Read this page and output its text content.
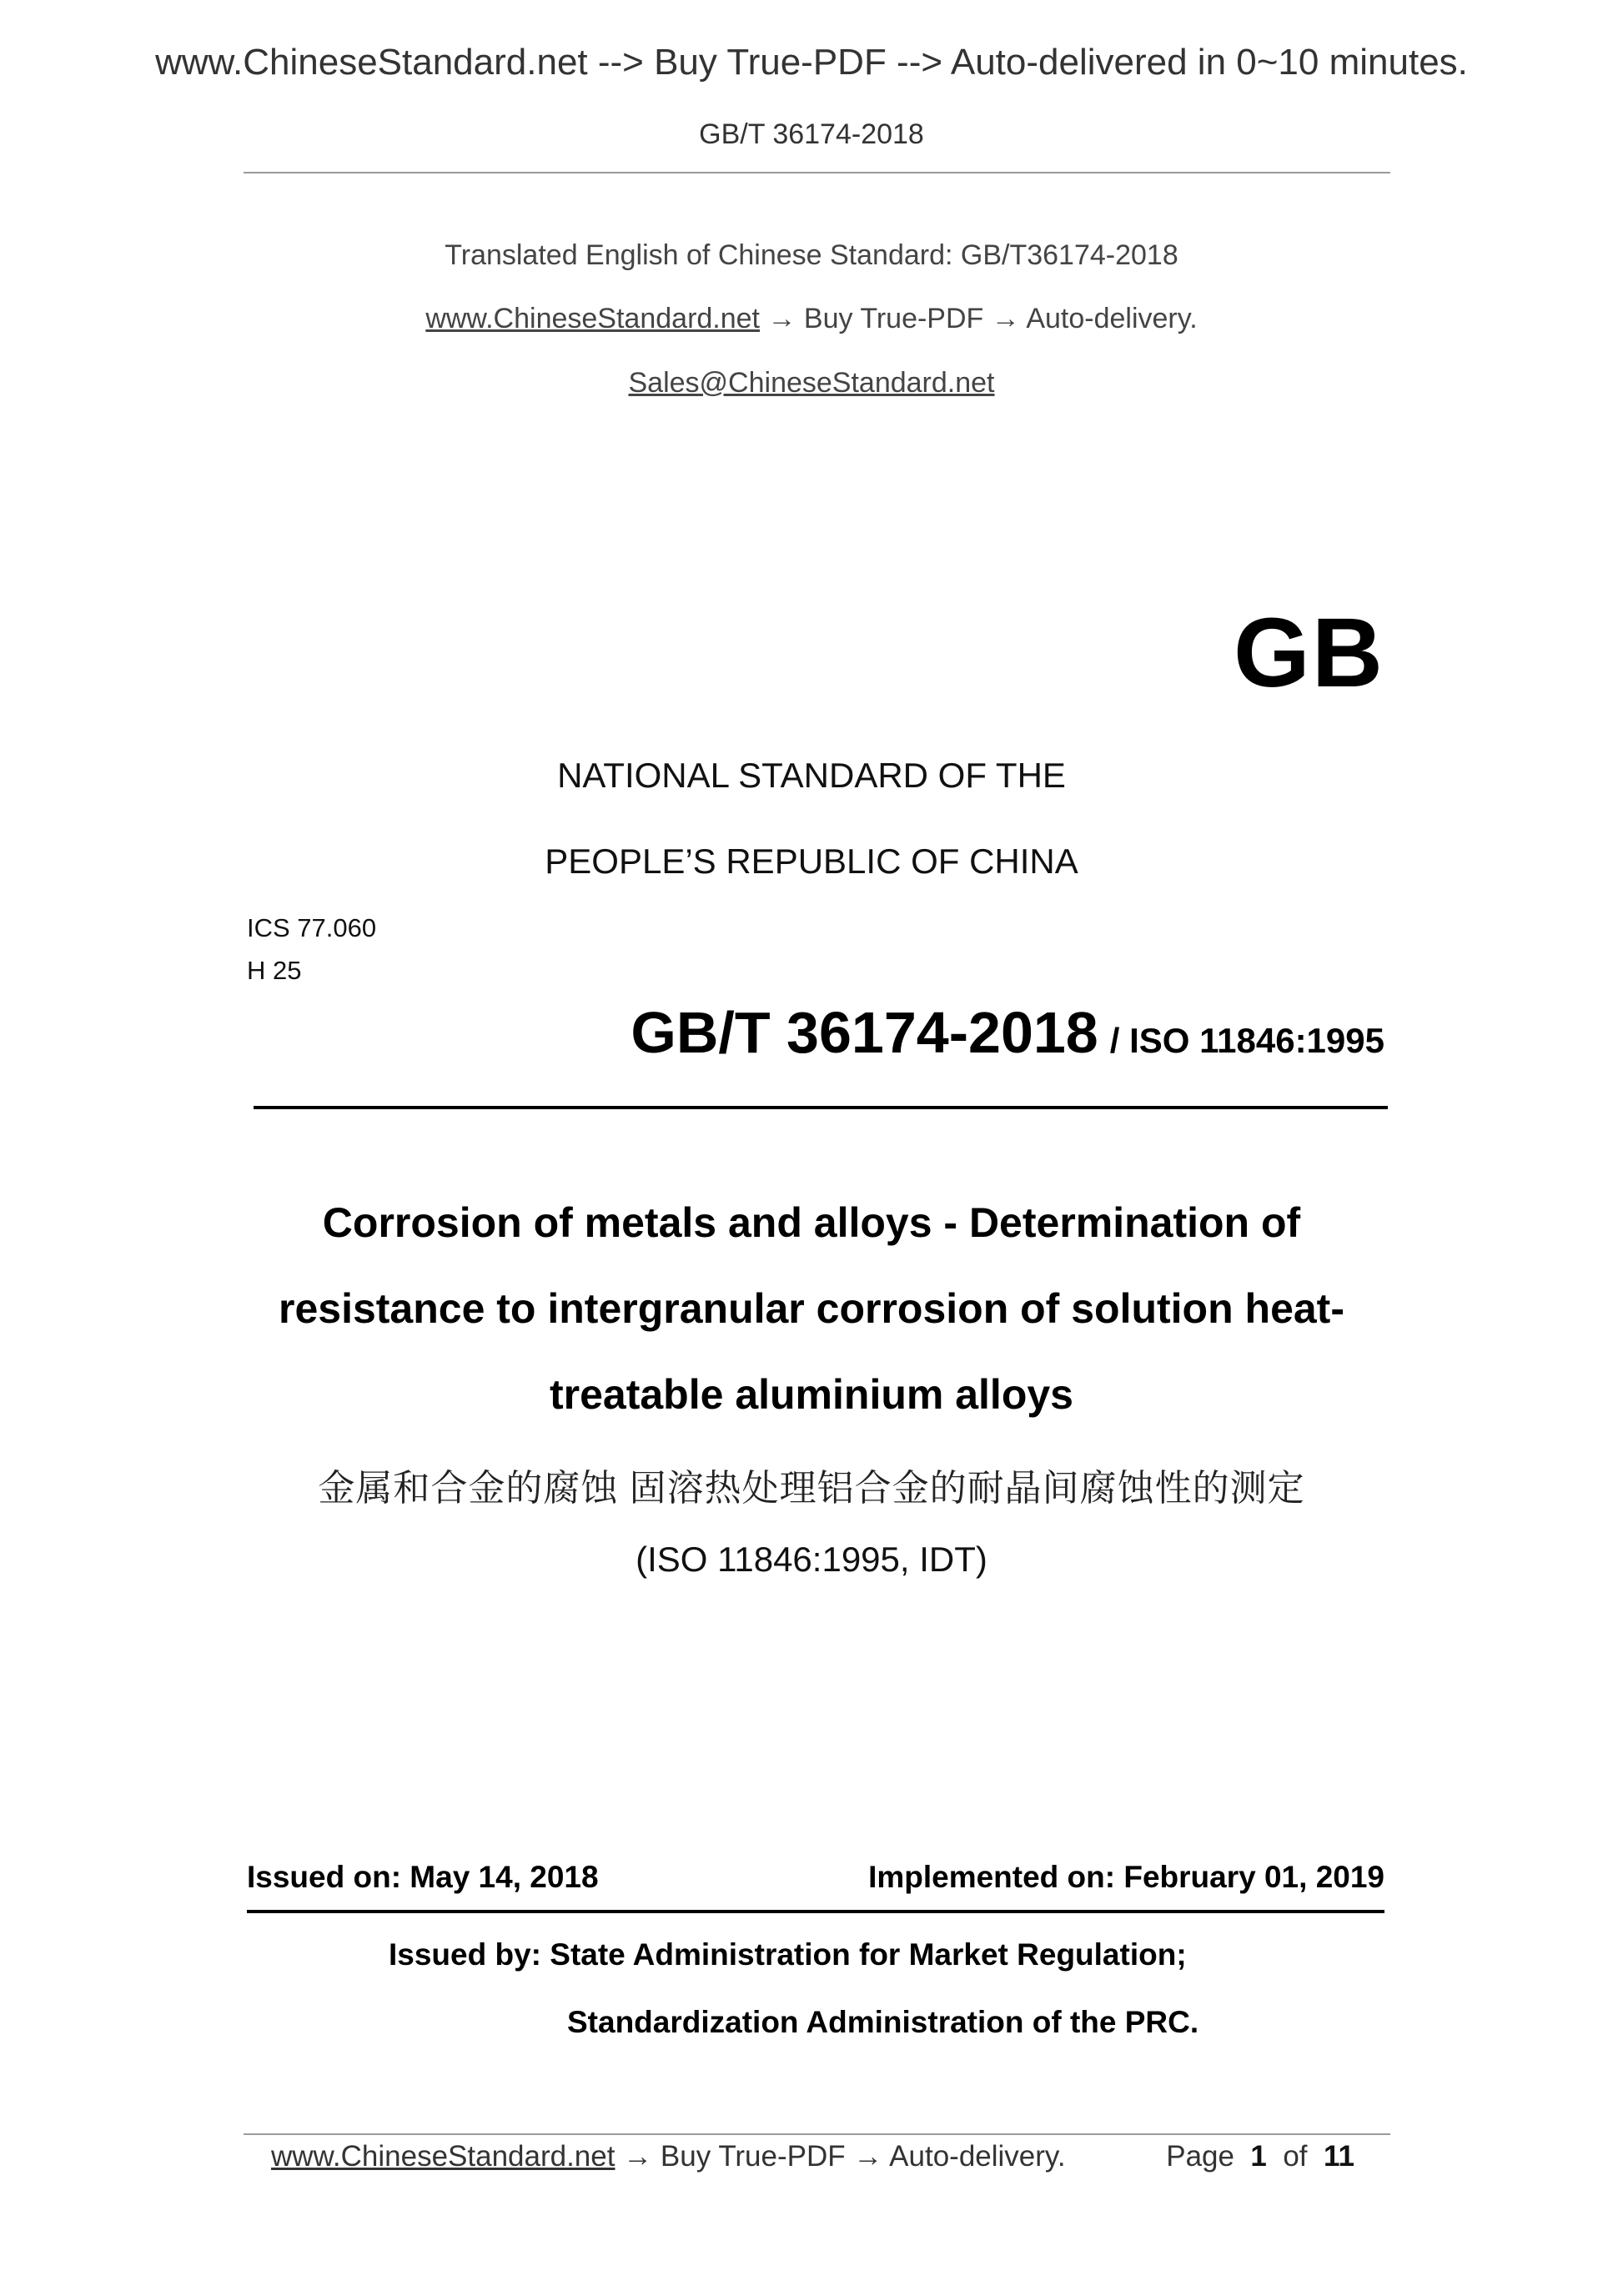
www.ChineseStandard.net --> Buy True-PDF --> Auto-delivered in 0~10 minutes.
GB/T 36174-2018
Translated English of Chinese Standard: GB/T36174-2018
www.ChineseStandard.net → Buy True-PDF → Auto-delivery.
Sales@ChineseStandard.net
GB
NATIONAL STANDARD OF THE
PEOPLE’S REPUBLIC OF CHINA
ICS 77.060
H 25
GB/T 36174-2018 / ISO 11846:1995
Corrosion of metals and alloys - Determination of
resistance to intergranular corrosion of solution heat-
treatable aluminium alloys
金属和合金的腐蚀 固溶热处理铝合金的耐晶间腐蚀性的测定
(ISO 11846:1995, IDT)
Issued on: May 14, 2018	Implemented on: February 01, 2019
Issued by: State Administration for Market Regulation;
Standardization Administration of the PRC.
www.ChineseStandard.net → Buy True-PDF → Auto-delivery.	Page 1 of 11
